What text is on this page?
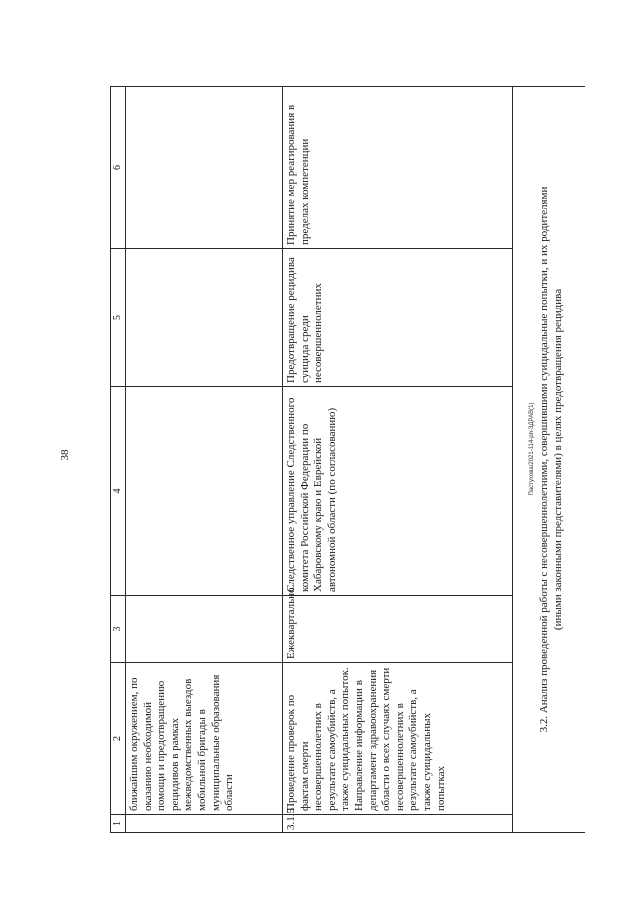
38
1	2	3	4	5	6
	ближайшим окружением, по оказанию необходимой помощи и предотвращению рецидивов в рамках межведомственных выездов мобильной бригады в муниципальные образования области				
3.1.5	Проведение проверок по фактам смерти несовершеннолетних в результате самоубийств, а также суицидальных попыток. Направление информации в департамент здравоохранения области о всех случаях смерти несовершеннолетних в результате самоубийств, а также суицидальных попытках	Ежеквартально	Следственное управление Следственного комитета Российской Федерации по Хабаровскому краю и Еврейской автономной области (по согласованию)	Предотвращение рецидива суицида среди несовершеннолетних	Принятие мер реагирования в пределах компетенции
3.2. Анализ проведенной работы с несовершеннолетними, совершившими суицидальные попытки, и их родителями (иными законными представителями) в целях предотвращения рецидива					
Пастухова/2021-114-рп-ЗДРАВ(1)
